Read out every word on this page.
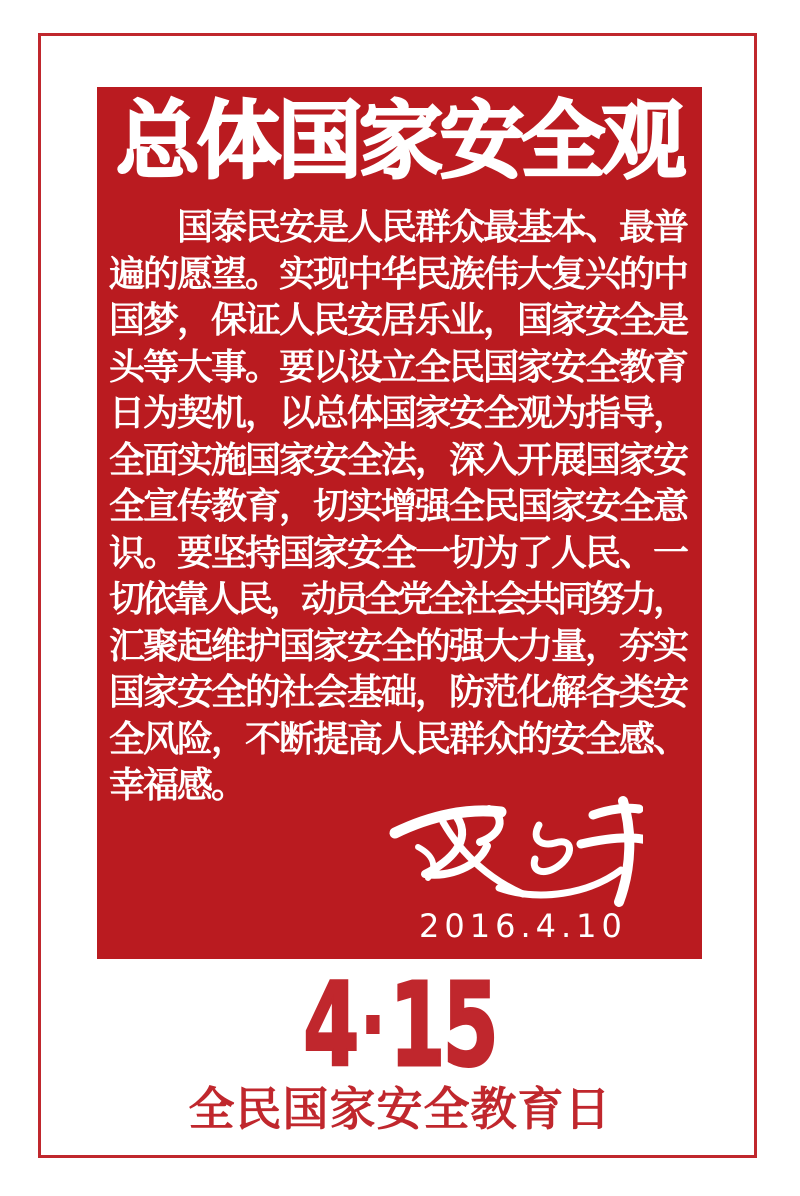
总体国家安全观
国泰民安是人民群众最基本、最普
遍的愿望。实现中华民族伟大复兴的中
国梦，保证人民安居乐业，国家安全是
头等大事。要以设立全民国家安全教育
日为契机，以总体国家安全观为指导，
全面实施国家安全法，深入开展国家安
全宣传教育，切实增强全民国家安全意
识。要坚持国家安全一切为了人民、一
切依靠人民，动员全党全社会共同努力，
汇聚起维护国家安全的强大力量，夯实
国家安全的社会基础，防范化解各类安
全风险，不断提高人民群众的安全感、
幸福感。
2016.4.10
4 15
全民国家安全教育日
